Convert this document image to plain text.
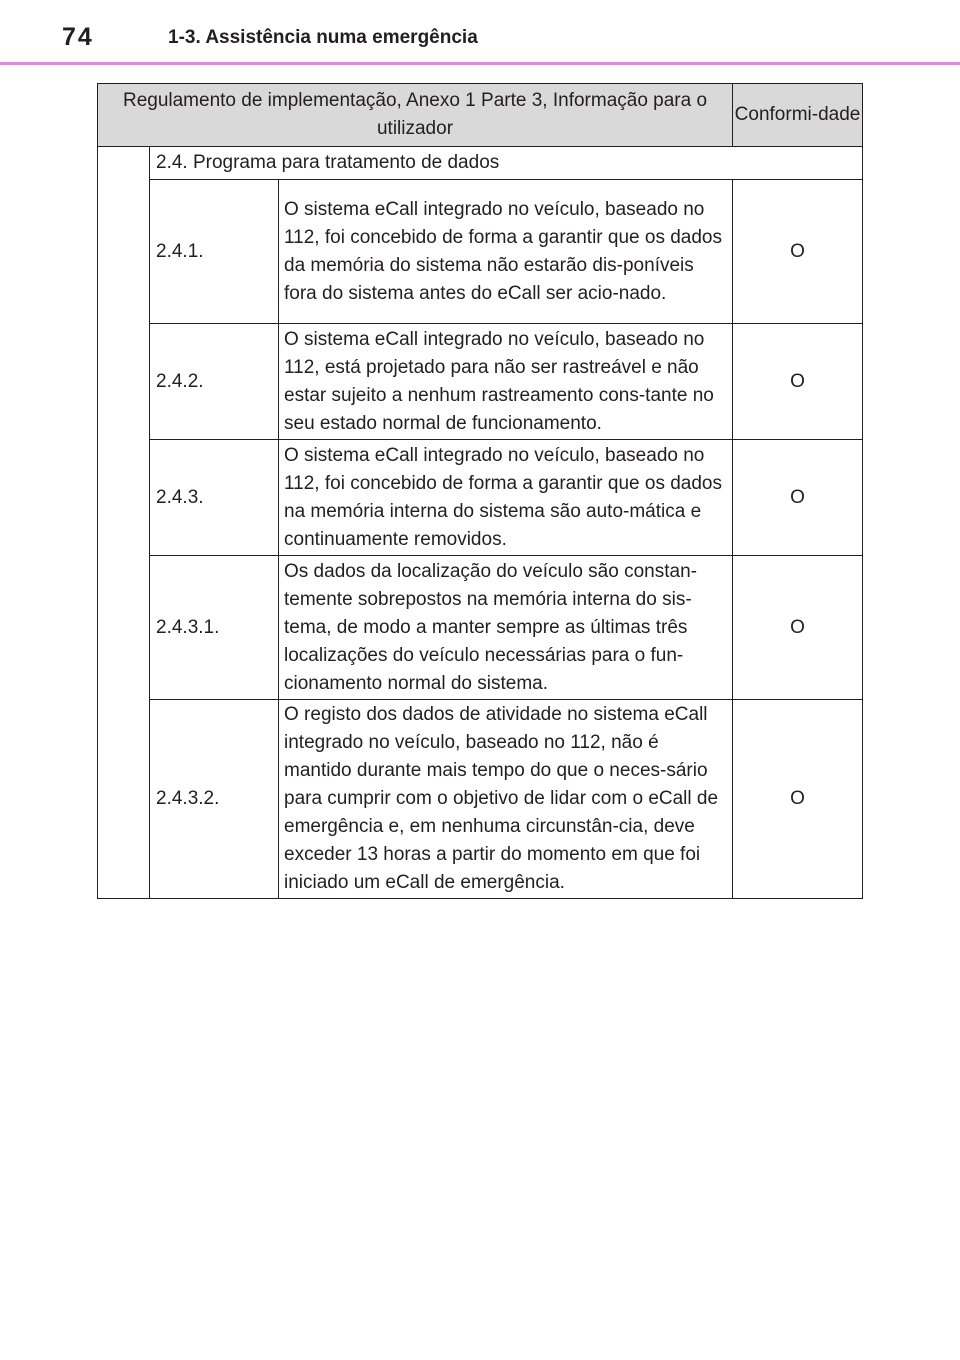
74	1-3. Assistência numa emergência
Regulamento de implementação, Anexo 1 Parte 3, Informação para o utilizador			Conformi-dade
	2.4. Programa para tratamento de dados		
	2.4.1.	O sistema eCall integrado no veículo, baseado no 112, foi concebido de forma a garantir que os dados da memória do sistema não estarão dis-poníveis fora do sistema antes do eCall ser acio-nado.	O
	2.4.2.	O sistema eCall integrado no veículo, baseado no 112, está projetado para não ser rastreável e não estar sujeito a nenhum rastreamento cons-tante no seu estado normal de funcionamento.	O
	2.4.3.	O sistema eCall integrado no veículo, baseado no 112, foi concebido de forma a garantir que os dados na memória interna do sistema são auto-mática e continuamente removidos.	O
	2.4.3.1.	Os dados da localização do veículo são constan-temente sobrepostos na memória interna do sis-tema, de modo a manter sempre as últimas três localizações do veículo necessárias para o fun-cionamento normal do sistema.	O
	2.4.3.2.	O registo dos dados de atividade no sistema eCall integrado no veículo, baseado no 112, não é mantido durante mais tempo do que o neces-sário para cumprir com o objetivo de lidar com o eCall de emergência e, em nenhuma circunstân-cia, deve exceder 13 horas a partir do momento em que foi iniciado um eCall de emergência.	O
